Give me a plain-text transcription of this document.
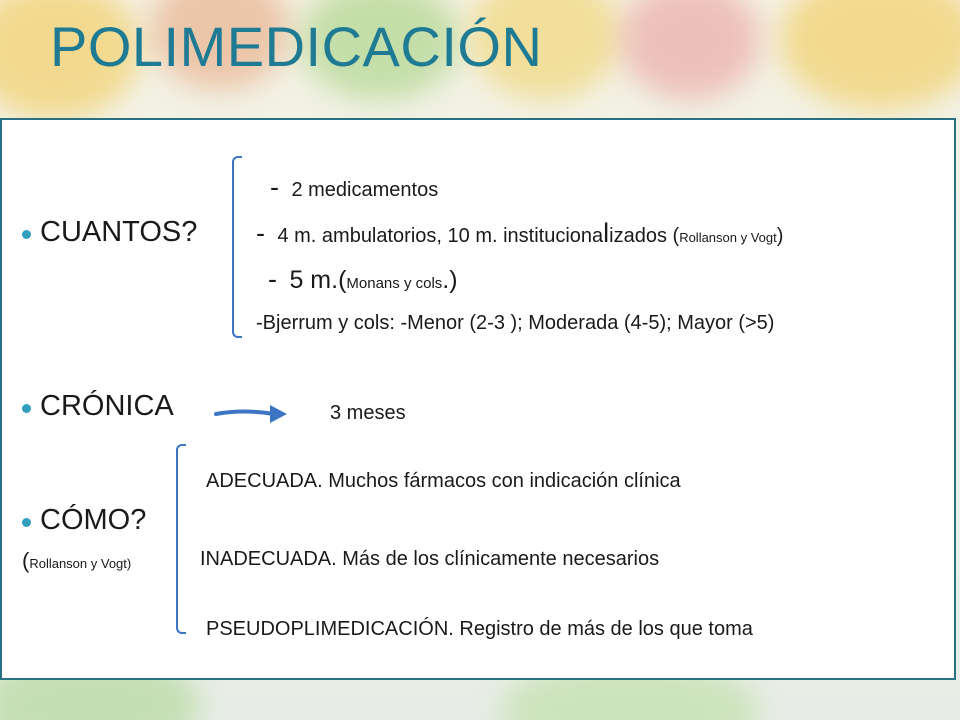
POLIMEDICACIÓN
- 2 medicamentos
CUANTOS? - 4 m. ambulatorios, 10 m. institucionalizados (Rollanson y Vogt)
- 5 m.(Monans y cols.)
-Bjerrum y cols: -Menor (2-3 ); Moderada (4-5); Mayor (>5)
CRÓNICA	3 meses
ADECUADA. Muchos fármacos con indicación clínica
CÓMO?
(Rollanson y Vogt)	INADECUADA. Más de los clínicamente necesarios
PSEUDOPLIMEDICACIÓN. Registro de más de los que toma
